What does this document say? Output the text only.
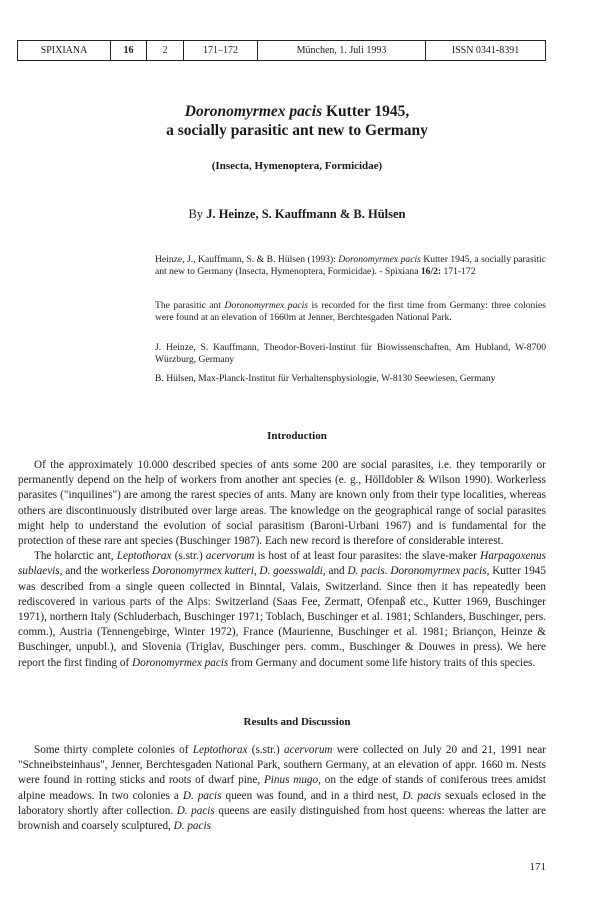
SPIXIANA	16	2	171–172	München, 1. Juli 1993	ISSN 0341-8391
Doronomyrmex pacis Kutter 1945,
a socially parasitic ant new to Germany
(Insecta, Hymenoptera, Formicidae)
By J. Heinze, S. Kauffmann & B. Hülsen
Heinze, J., Kauffmann, S. & B. Hülsen (1993): Doronomyrmex pacis Kutter 1945, a socially parasitic ant new to Germany (Insecta, Hymenoptera, Formicidae). - Spixiana 16/2: 171-172
The parasitic ant Doronomyrmex pacis is recorded for the first time from Germany: three colonies were found at an elevation of 1660m at Jenner, Berchtesgaden National Park.
J. Heinze, S. Kauffmann, Theodor-Boveri-Institut für Biowissenschaften, Am Hubland, W-8700 Würzburg, Germany
B. Hülsen, Max-Planck-Institut für Verhaltensphysiologie, W-8130 Seewiesen, Germany
Introduction

Of the approximately 10.000 described species of ants some 200 are social parasites, i.e. they temporarily or permanently depend on the help of workers from another ant species (e. g., Hölldobler & Wilson 1990). Workerless parasites ("inquilines") are among the rarest species of ants. Many are known only from their type localities, whereas others are discontinuously distributed over large areas. The knowledge on the geographical range of social parasites might help to understand the evolution of social parasitism (Baroni-Urbani 1967) and is fundamental for the protection of these rare ant species (Buschinger 1987). Each new record is therefore of considerable interest.

The holarctic ant, Leptothorax (s.str.) acervorum is host of at least four parasites: the slave-maker Harpagoxenus sublaevis, and the workerless Doronomyrmex kutteri, D. goesswaldi, and D. pacis. Doronomyrmex pacis, Kutter 1945 was described from a single queen collected in Binntal, Valais, Switzerland. Since then it has repeatedly been rediscovered in various parts of the Alps: Switzerland (Saas Fee, Zermatt, Ofenpaß etc., Kutter 1969, Buschinger 1971), northern Italy (Schluderbach, Buschinger 1971; Toblach, Buschinger et al. 1981; Schlanders, Buschinger, pers. comm.), Austria (Tennengebirge, Winter 1972), France (Maurienne, Buschinger et al. 1981; Briançon, Heinze & Buschinger, unpubl.), and Slovenia (Triglav, Buschinger pers. comm., Buschinger & Douwes in press). We here report the first finding of Doronomyrmex pacis from Germany and document some life history traits of this species.

Results and Discussion

Some thirty complete colonies of Leptothorax (s.str.) acervorum were collected on July 20 and 21, 1991 near "Schneibsteinhaus", Jenner, Berchtesgaden National Park, southern Germany, at an elevation of appr. 1660 m. Nests were found in rotting sticks and roots of dwarf pine, Pinus mugo, on the edge of stands of coniferous trees amidst alpine meadows. In two colonies a D. pacis queen was found, and in a third nest, D. pacis sexuals eclosed in the laboratory shortly after collection. D. pacis queens are easily distinguished from host queens: whereas the latter are brownish and coarsely sculptured, D. pacis

171
